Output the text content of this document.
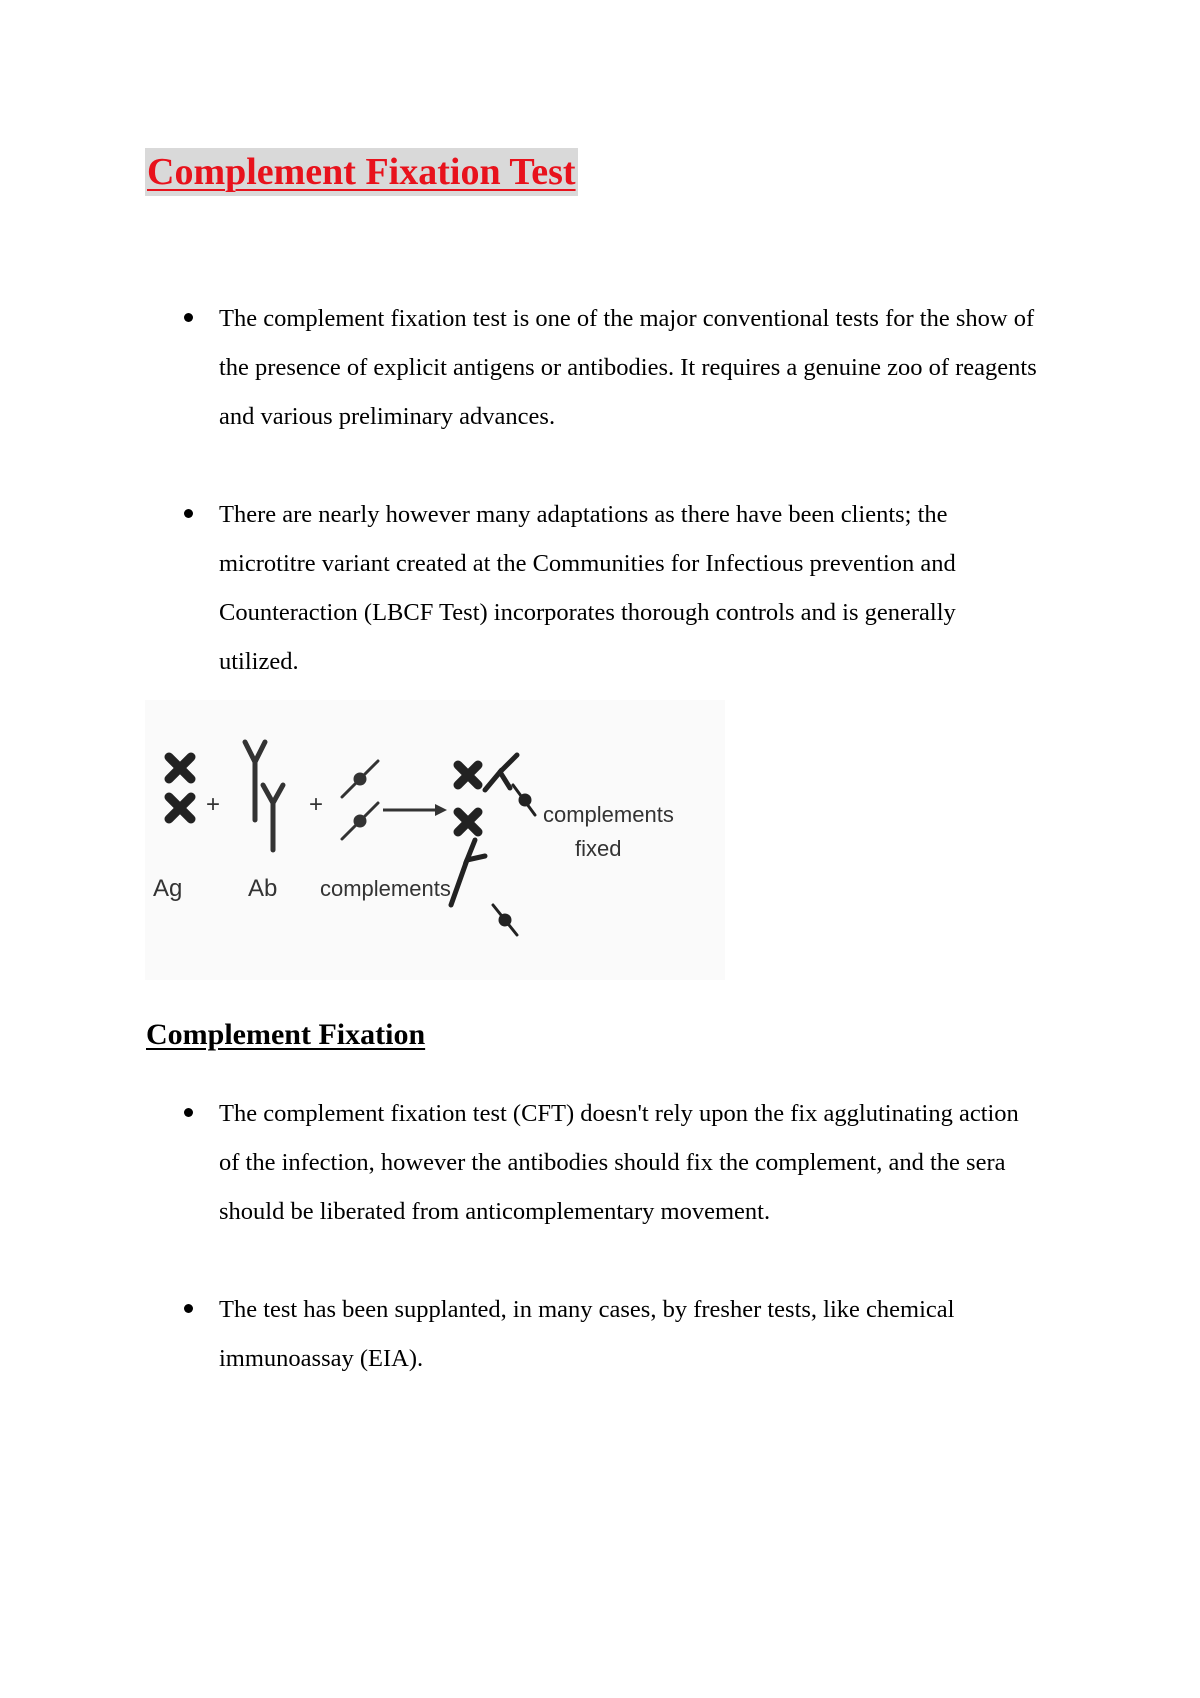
Complement Fixation Test
The complement fixation test is one of the major conventional tests for the show of the presence of explicit antigens or antibodies. It requires a genuine zoo of reagents and various preliminary advances.
There are nearly however many adaptations as there have been clients; the microtitre variant created at the Communities for Infectious prevention and Counteraction (LBCF Test) incorporates thorough controls and is generally utilized.
+	+
Ag	Ab complements
complements
fixed
Complement Fixation
The complement fixation test (CFT) doesn't rely upon the fix agglutinating action of the infection, however the antibodies should fix the complement, and the sera should be liberated from anticomplementary movement.
The test has been supplanted, in many cases, by fresher tests, like chemical immunoassay (EIA).
